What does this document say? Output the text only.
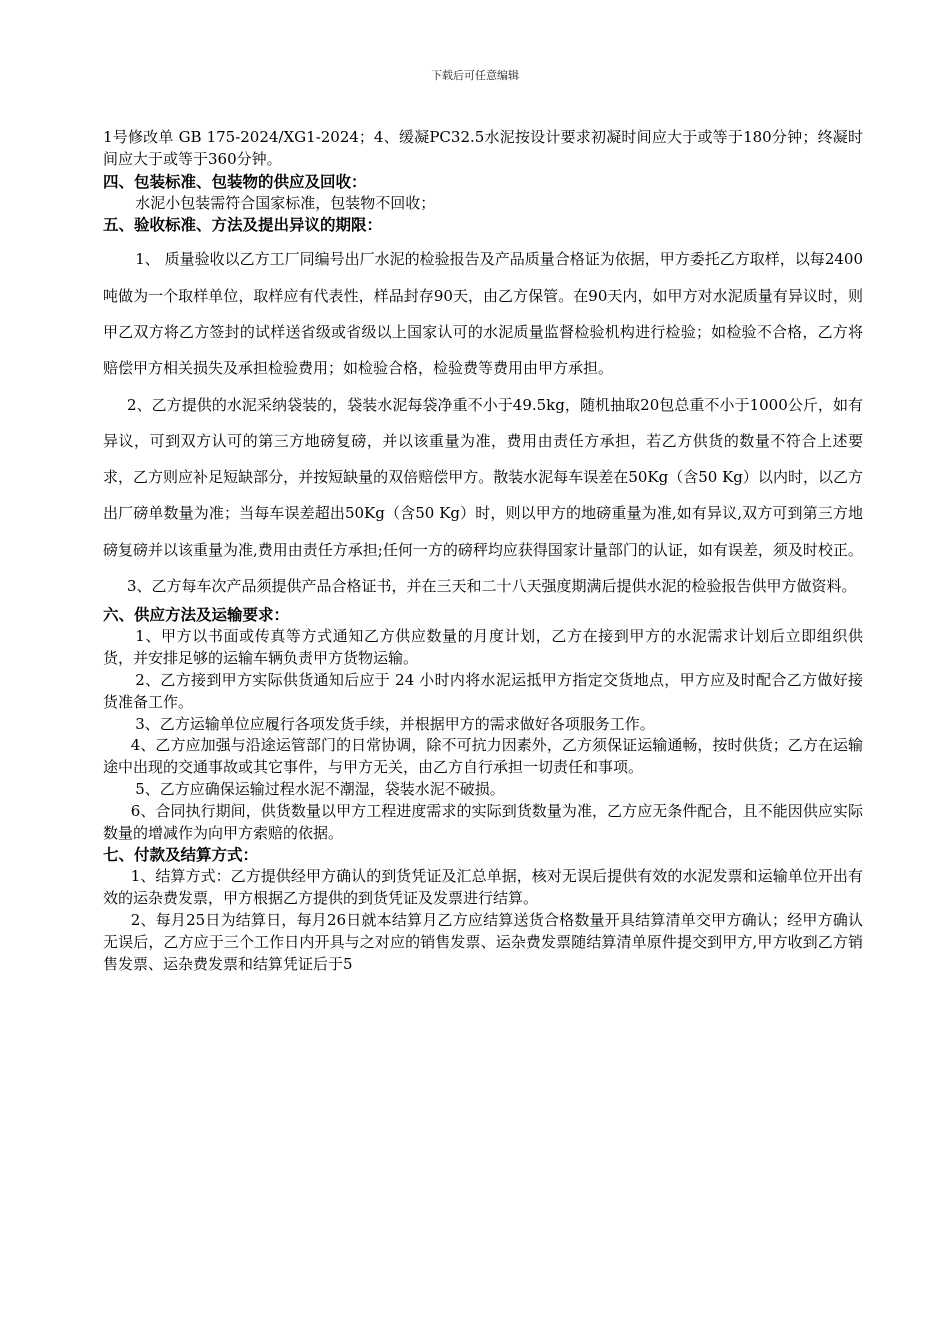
下载后可任意编辑

1号修改单 GB 175-2024/XG1-2024；4、缓凝PC32.5水泥按设计要求初凝时间应大于或等于180分钟；终凝时间应大于或等于360分钟。

四、包装标准、包装物的供应及回收：

水泥小包装需符合国家标准，包装物不回收；

五、验收标准、方法及提出异议的期限：

1、 质量验收以乙方工厂同编号出厂水泥的检验报告及产品质量合格证为依据，甲方委托乙方取样，以每2400吨做为一个取样单位，取样应有代表性，样品封存90天，由乙方保管。在90天内，如甲方对水泥质量有异议时，则甲乙双方将乙方签封的试样送省级或省级以上国家认可的水泥质量监督检验机构进行检验；如检验不合格，乙方将赔偿甲方相关损失及承担检验费用；如检验合格，检验费等费用由甲方承担。

2、乙方提供的水泥采纳袋装的，袋装水泥每袋净重不小于49.5kg，随机抽取20包总重不小于1000公斤，如有异议，可到双方认可的第三方地磅复磅，并以该重量为准，费用由责任方承担，若乙方供货的数量不符合上述要求，乙方则应补足短缺部分，并按短缺量的双倍赔偿甲方。散装水泥每车误差在50Kg（含50 Kg）以内时，以乙方出厂磅单数量为准；当每车误差超出50Kg（含50 Kg）时，则以甲方的地磅重量为准,如有异议,双方可到第三方地磅复磅并以该重量为准,费用由责任方承担;任何一方的磅秤均应获得国家计量部门的认证，如有误差，须及时校正。

3、乙方每车次产品须提供产品合格证书，并在三天和二十八天强度期满后提供水泥的检验报告供甲方做资料。

六、供应方法及运输要求：

1、甲方以书面或传真等方式通知乙方供应数量的月度计划，乙方在接到甲方的水泥需求计划后立即组织供货，并安排足够的运输车辆负责甲方货物运输。

2、乙方接到甲方实际供货通知后应于 24 小时内将水泥运抵甲方指定交货地点，甲方应及时配合乙方做好接货准备工作。

3、乙方运输单位应履行各项发货手续，并根据甲方的需求做好各项服务工作。

4、乙方应加强与沿途运管部门的日常协调，除不可抗力因素外，乙方须保证运输通畅，按时供货；乙方在运输途中出现的交通事故或其它事件，与甲方无关，由乙方自行承担一切责任和事项。

5、乙方应确保运输过程水泥不潮湿，袋装水泥不破损。

6、合同执行期间，供货数量以甲方工程进度需求的实际到货数量为准，乙方应无条件配合，且不能因供应实际数量的增减作为向甲方索赔的依据。

七、付款及结算方式：

1、结算方式：乙方提供经甲方确认的到货凭证及汇总单据，核对无误后提供有效的水泥发票和运输单位开出有效的运杂费发票，甲方根据乙方提供的到货凭证及发票进行结算。

2、每月25日为结算日，每月26日就本结算月乙方应结算送货合格数量开具结算清单交甲方确认；经甲方确认无误后，乙方应于三个工作日内开具与之对应的销售发票、运杂费发票随结算清单原件提交到甲方,甲方收到乙方销售发票、运杂费发票和结算凭证后于5
